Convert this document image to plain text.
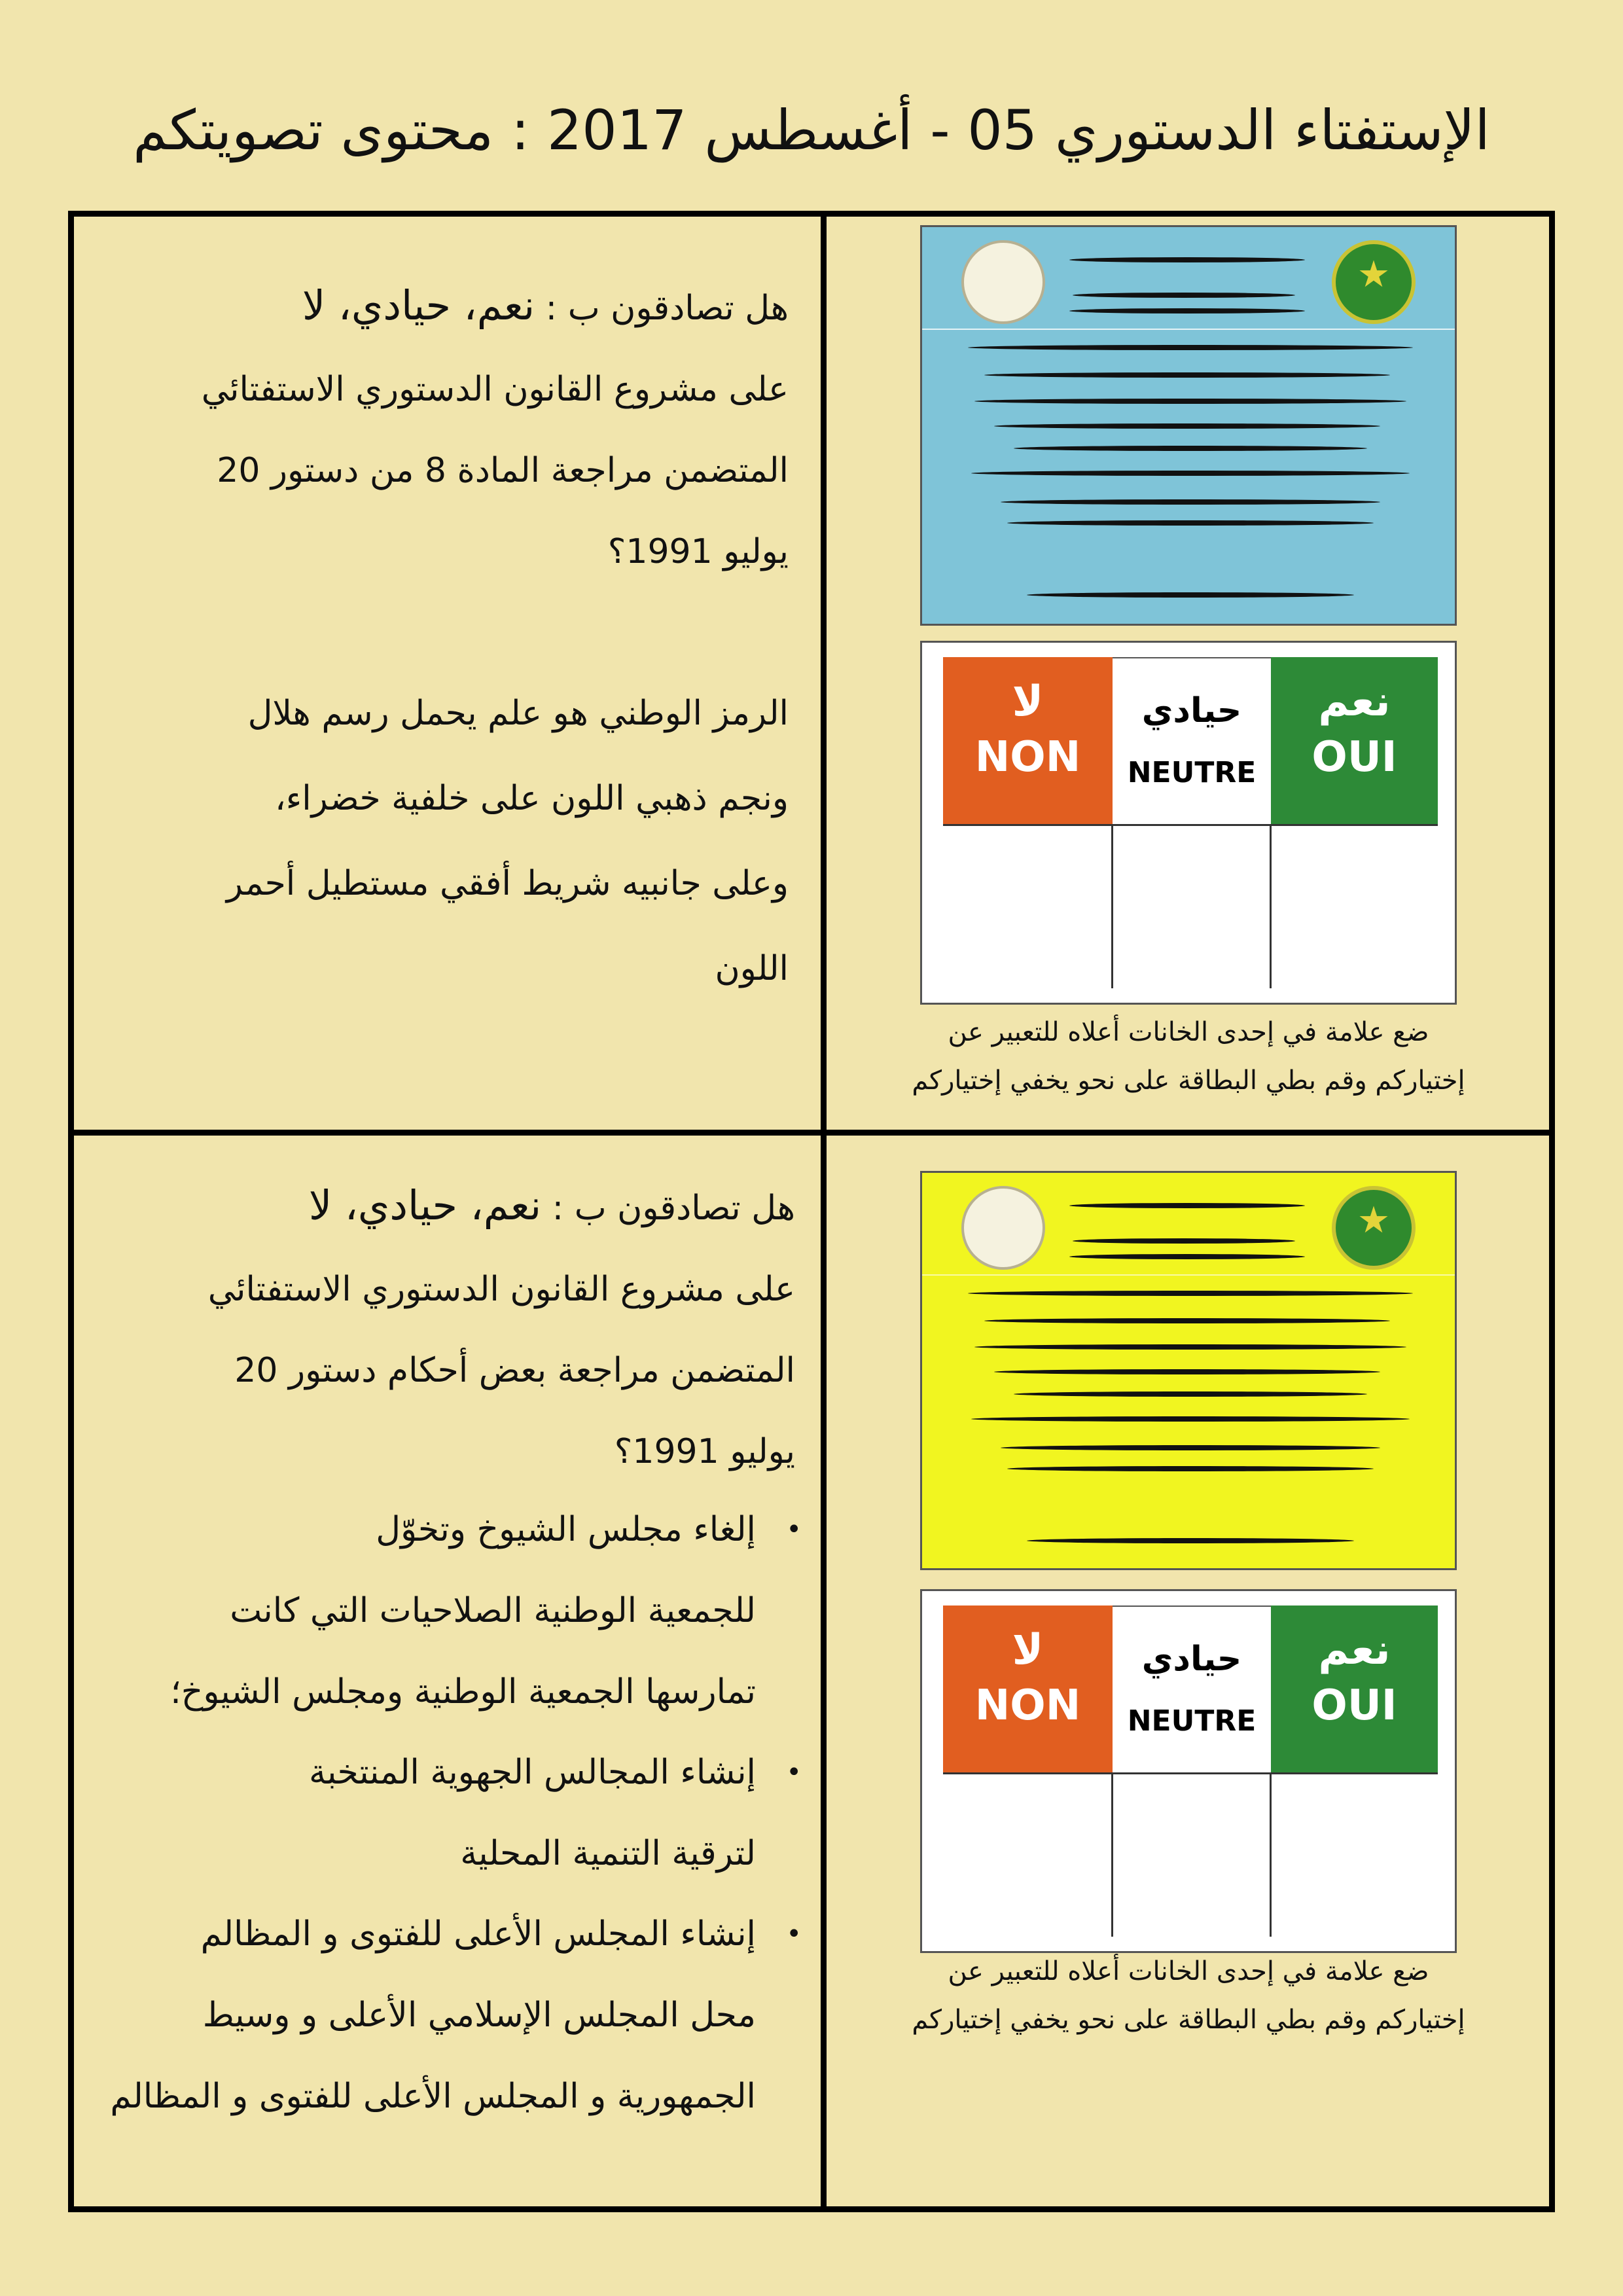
الإستفتاء الدستوري 05 - أغسطس 2017 : محتوى تصويتكم
هل تصادقون ب : نعم، حيادي، لا
على مشروع القانون الدستوري الاستفتائي
المتضمن مراجعة المادة 8 من دستور 20
يوليو 1991؟
الرمز الوطني هو علم يحمل رسم هلال
ونجم ذهبي اللون على خلفية خضراء،
وعلى جانبيه شريط أفقي مستطيل أحمر
اللون
هل تصادقون ب : نعم، حيادي، لا
على مشروع القانون الدستوري الاستفتائي
المتضمن مراجعة بعض أحكام دستور 20
يوليو 1991؟
•
إلغاء مجلس الشيوخ وتخوّل
للجمعية الوطنية الصلاحيات التي كانت
تمارسها الجمعية الوطنية ومجلس الشيوخ؛
•
إنشاء المجالس الجهوية المنتخبة
لترقية التنمية المحلية
•
إنشاء المجلس الأعلى للفتوى و المظالم
محل المجلس الإسلامي الأعلى و وسيط
الجمهورية و المجلس الأعلى للفتوى و المظالم
★
★
لا
NON
حيادي
NEUTRE
نعم
OUI
لا
NON
حيادي
NEUTRE
نعم
OUI
ضع علامة في إحدى الخانات أعلاه للتعبير عن
إختياركم وقم بطي البطاقة على نحو يخفي إختياركم
ضع علامة في إحدى الخانات أعلاه للتعبير عن
إختياركم وقم بطي البطاقة على نحو يخفي إختياركم
